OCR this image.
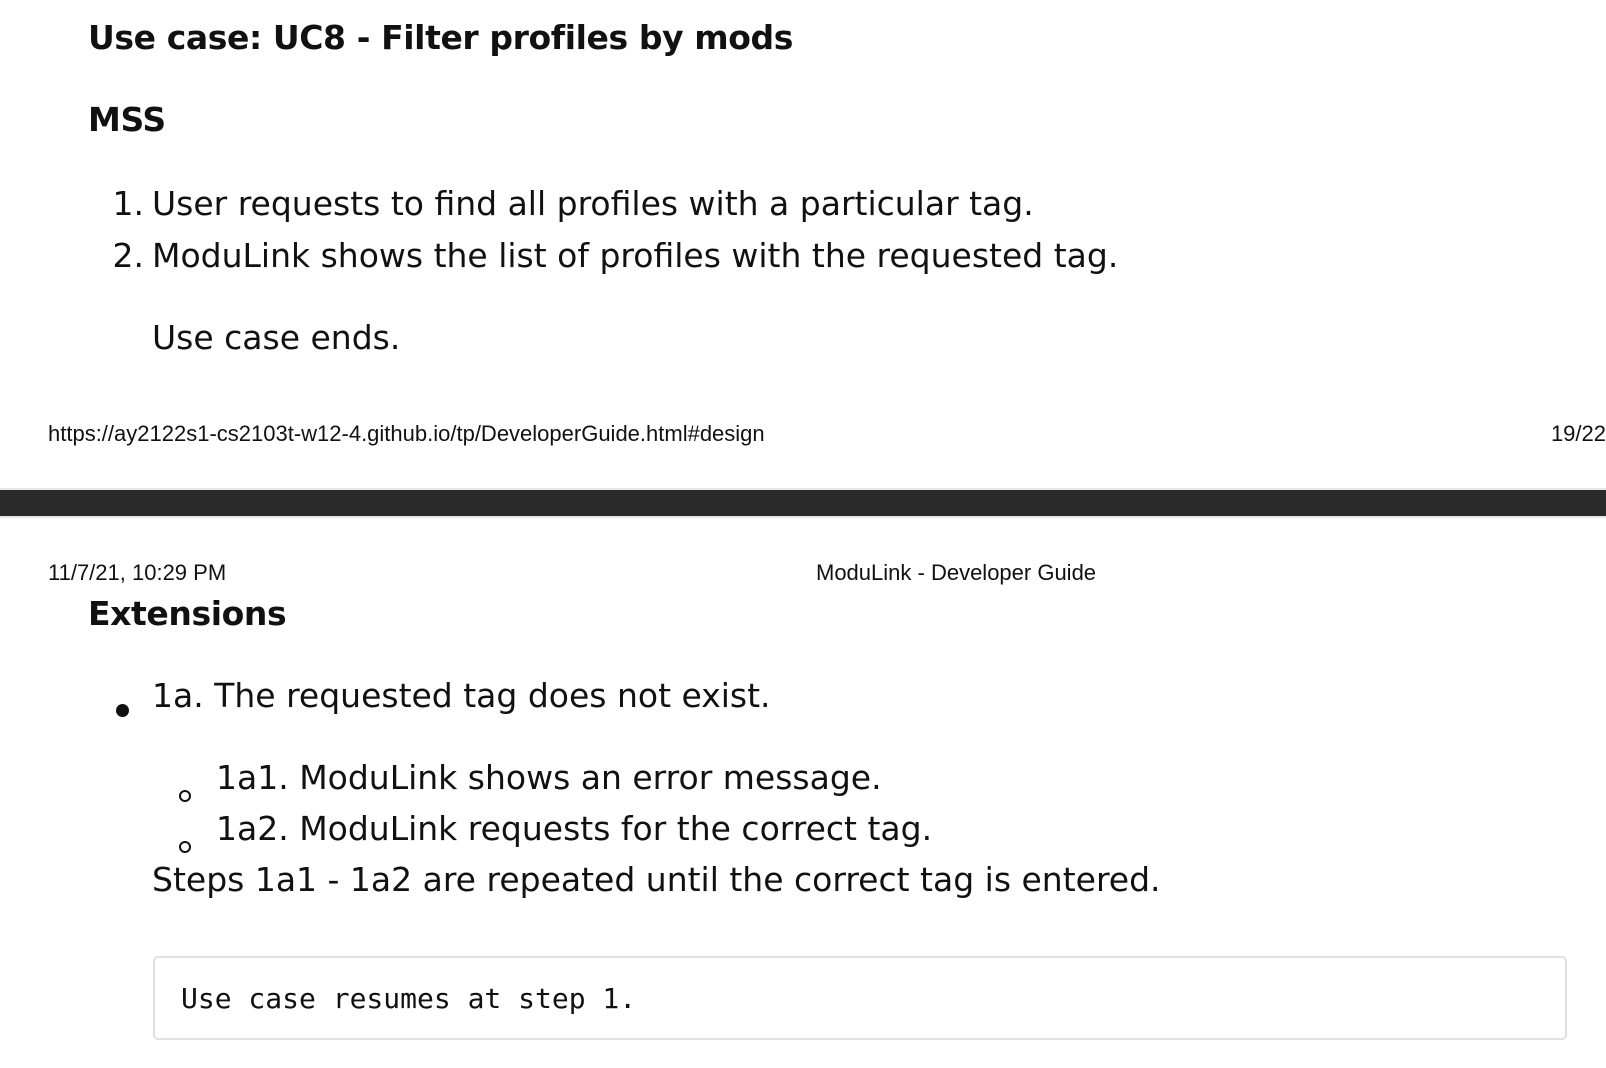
Use case: UC8 - Filter profiles by mods
MSS

1. User requests to find all profiles with a particular tag.

2. ModuLink shows the list of profiles with the requested tag.

Use case ends.

https://ay2122s1-cs2103t-w12-4.github.io/tp/DeveloperGuide.html#design	19/22

11/7/21, 10:29 PM	ModuLink - Developer Guide

Extensions

1a. The requested tag does not exist.

1a1. ModuLink shows an error message.

1a2. ModuLink requests for the correct tag.

Steps 1a1 - 1a2 are repeated until the correct tag is entered.

Use case resumes at step 1.
